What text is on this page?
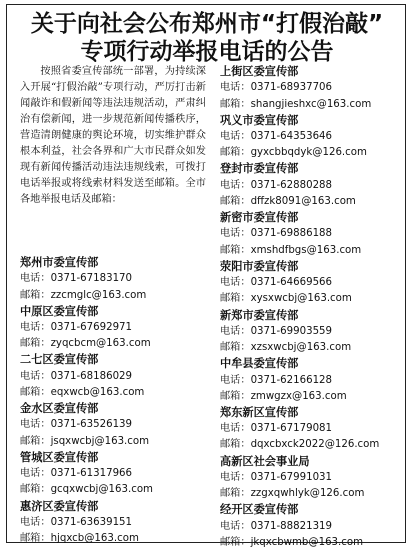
关于向社会公布郑州市“打假治敲”
专项行动举报电话的公告

按照省委宣传部统一部署，为持续深入开展“打假治敲”专项行动，严厉打击新闻敲诈和假新闻等违法违规活动，严肃纠治有偿新闻，进一步规范新闻传播秩序，营造清朗健康的舆论环境，切实维护群众根本利益，社会各界和广大市民群众如发现有新闻传播活动违法违规线索，可拨打电话举报或将线索材料发送至邮箱。全市各地举报电话及邮箱：

郑州市委宣传部
电话：0371-67183170
邮箱：zzcmglc@163.com
中原区委宣传部
电话：0371-67692971
邮箱：zyqcbcm@163.com
二七区委宣传部
电话：0371-68186029
邮箱：eqxwcb@163.com
金水区委宣传部
电话：0371-63526139
邮箱：jsqxwcbj@163.com
管城区委宣传部
电话：0371-61317966
邮箱：gcqxwcbj@163.com
惠济区委宣传部
电话：0371-63639151
邮箱：hjqxcb@163.com
上街区委宣传部
电话：0371-68937706
邮箱：shangjieshxc@163.com
巩义市委宣传部
电话：0371-64353646
邮箱：gyxcbbqdyk@126.com
登封市委宣传部
电话：0371-62880288
邮箱：dffzk8091@163.com
新密市委宣传部
电话：0371-69886188
邮箱：xmshdfbgs@163.com
荥阳市委宣传部
电话：0371-64669566
邮箱：xysxwcbj@163.com
新郑市委宣传部
电话：0371-69903559
邮箱：xzsxwcbj@163.com
中牟县委宣传部
电话：0371-62166128
邮箱：zmwgzx@163.com
郑东新区宣传部
电话：0371-67179081
邮箱：dqxcbxck2022@126.com
高新区社会事业局
电话：0371-67991031
邮箱：zzgxqwhlyk@126.com
经开区委宣传部
电话：0371-88821319
邮箱：jkqxcbwmb@163.com
